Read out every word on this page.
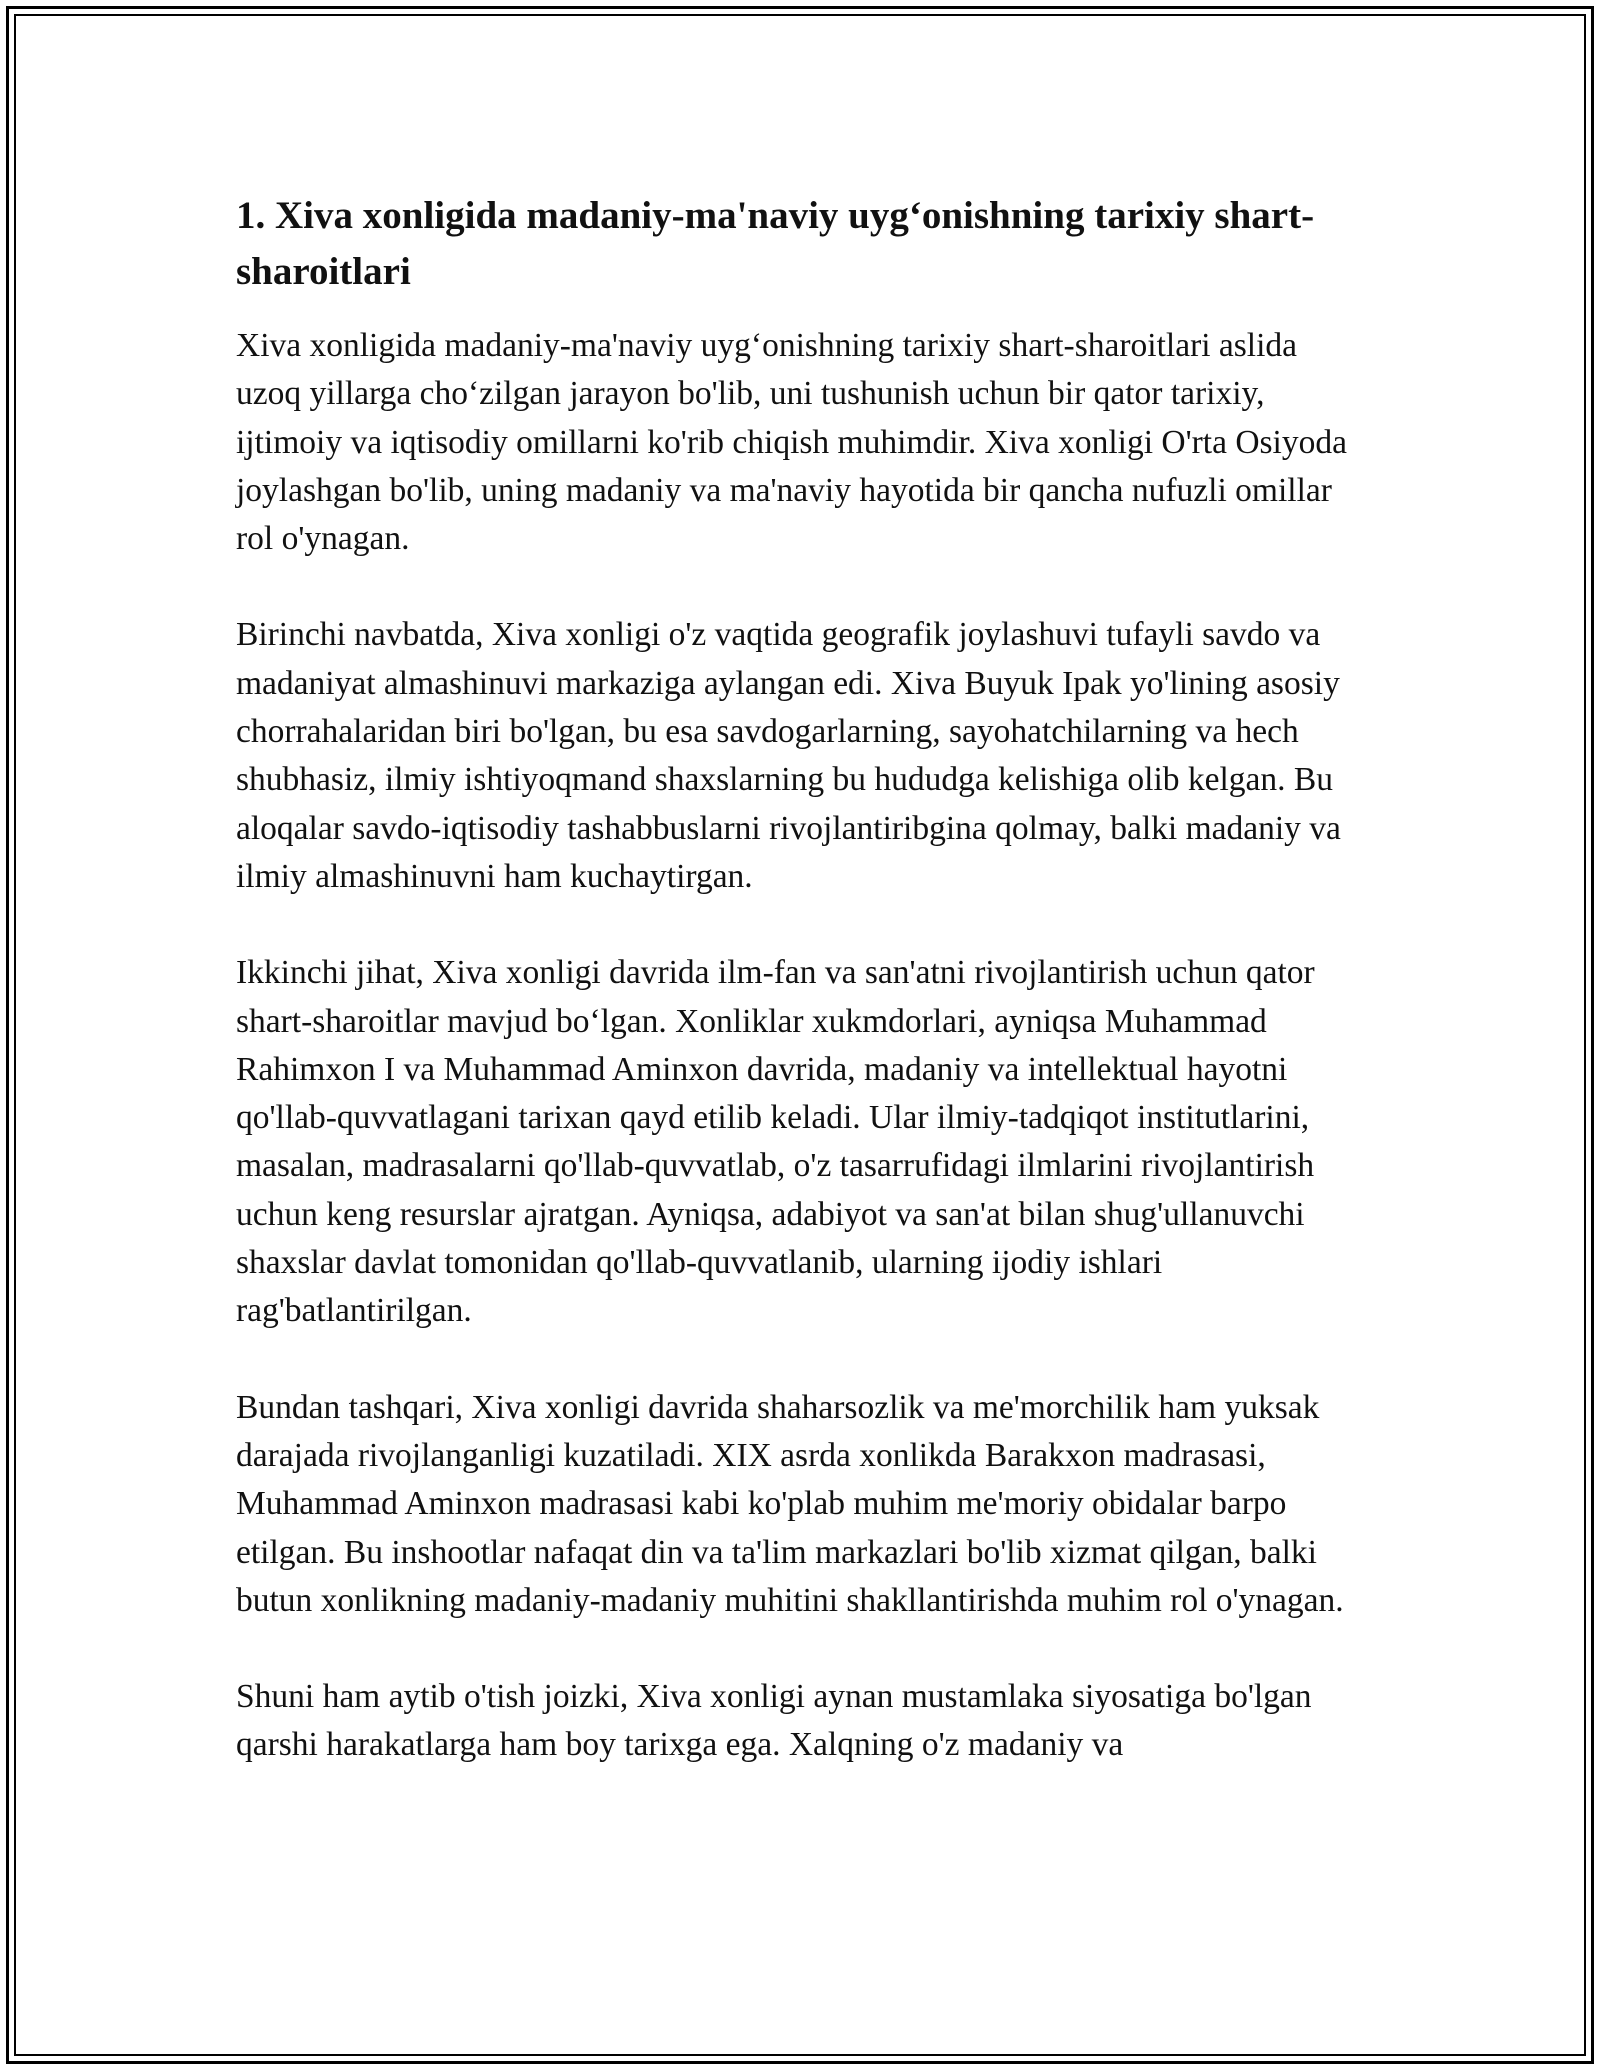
1. Xiva xonligida madaniy-ma'naviy uyg‘onishning tarixiy shart-sharoitlari

Xiva xonligida madaniy-ma'naviy uyg‘onishning tarixiy shart-sharoitlari aslida uzoq yillarga cho‘zilgan jarayon bo'lib, uni tushunish uchun bir qator tarixiy, ijtimoiy va iqtisodiy omillarni ko'rib chiqish muhimdir. Xiva xonligi O'rta Osiyoda joylashgan bo'lib, uning madaniy va ma'naviy hayotida bir qancha nufuzli omillar rol o'ynagan.

Birinchi navbatda, Xiva xonligi o'z vaqtida geografik joylashuvi tufayli savdo va madaniyat almashinuvi markaziga aylangan edi. Xiva Buyuk Ipak yo'lining asosiy chorrahalaridan biri bo'lgan, bu esa savdogarlarning, sayohatchilarning va hech shubhasiz, ilmiy ishtiyoqmand shaxslarning bu hududga kelishiga olib kelgan. Bu aloqalar savdo-iqtisodiy tashabbuslarni rivojlantiribgina qolmay, balki madaniy va ilmiy almashinuvni ham kuchaytirgan.

Ikkinchi jihat, Xiva xonligi davrida ilm-fan va san'atni rivojlantirish uchun qator shart-sharoitlar mavjud bo‘lgan. Xonliklar xukmdorlari, ayniqsa Muhammad Rahimxon I va Muhammad Aminxon davrida, madaniy va intellektual hayotni qo'llab-quvvatlagani tarixan qayd etilib keladi. Ular ilmiy-tadqiqot institutlarini, masalan, madrasalarni qo'llab-quvvatlab, o'z tasarrufidagi ilmlarini rivojlantirish uchun keng resurslar ajratgan. Ayniqsa, adabiyot va san'at bilan shug'ullanuvchi shaxslar davlat tomonidan qo'llab-quvvatlanib, ularning ijodiy ishlari rag'batlantirilgan.

Bundan tashqari, Xiva xonligi davrida shaharsozlik va me'morchilik ham yuksak darajada rivojlanganligi kuzatiladi. XIX asrda xonlikda Barakxon madrasasi, Muhammad Aminxon madrasasi kabi ko'plab muhim me'moriy obidalar barpo etilgan. Bu inshootlar nafaqat din va ta'lim markazlari bo'lib xizmat qilgan, balki butun xonlikning madaniy-madaniy muhitini shakllantirishda muhim rol o'ynagan.

Shuni ham aytib o'tish joizki, Xiva xonligi aynan mustamlaka siyosatiga bo'lgan qarshi harakatlarga ham boy tarixga ega. Xalqning o'z madaniy va
